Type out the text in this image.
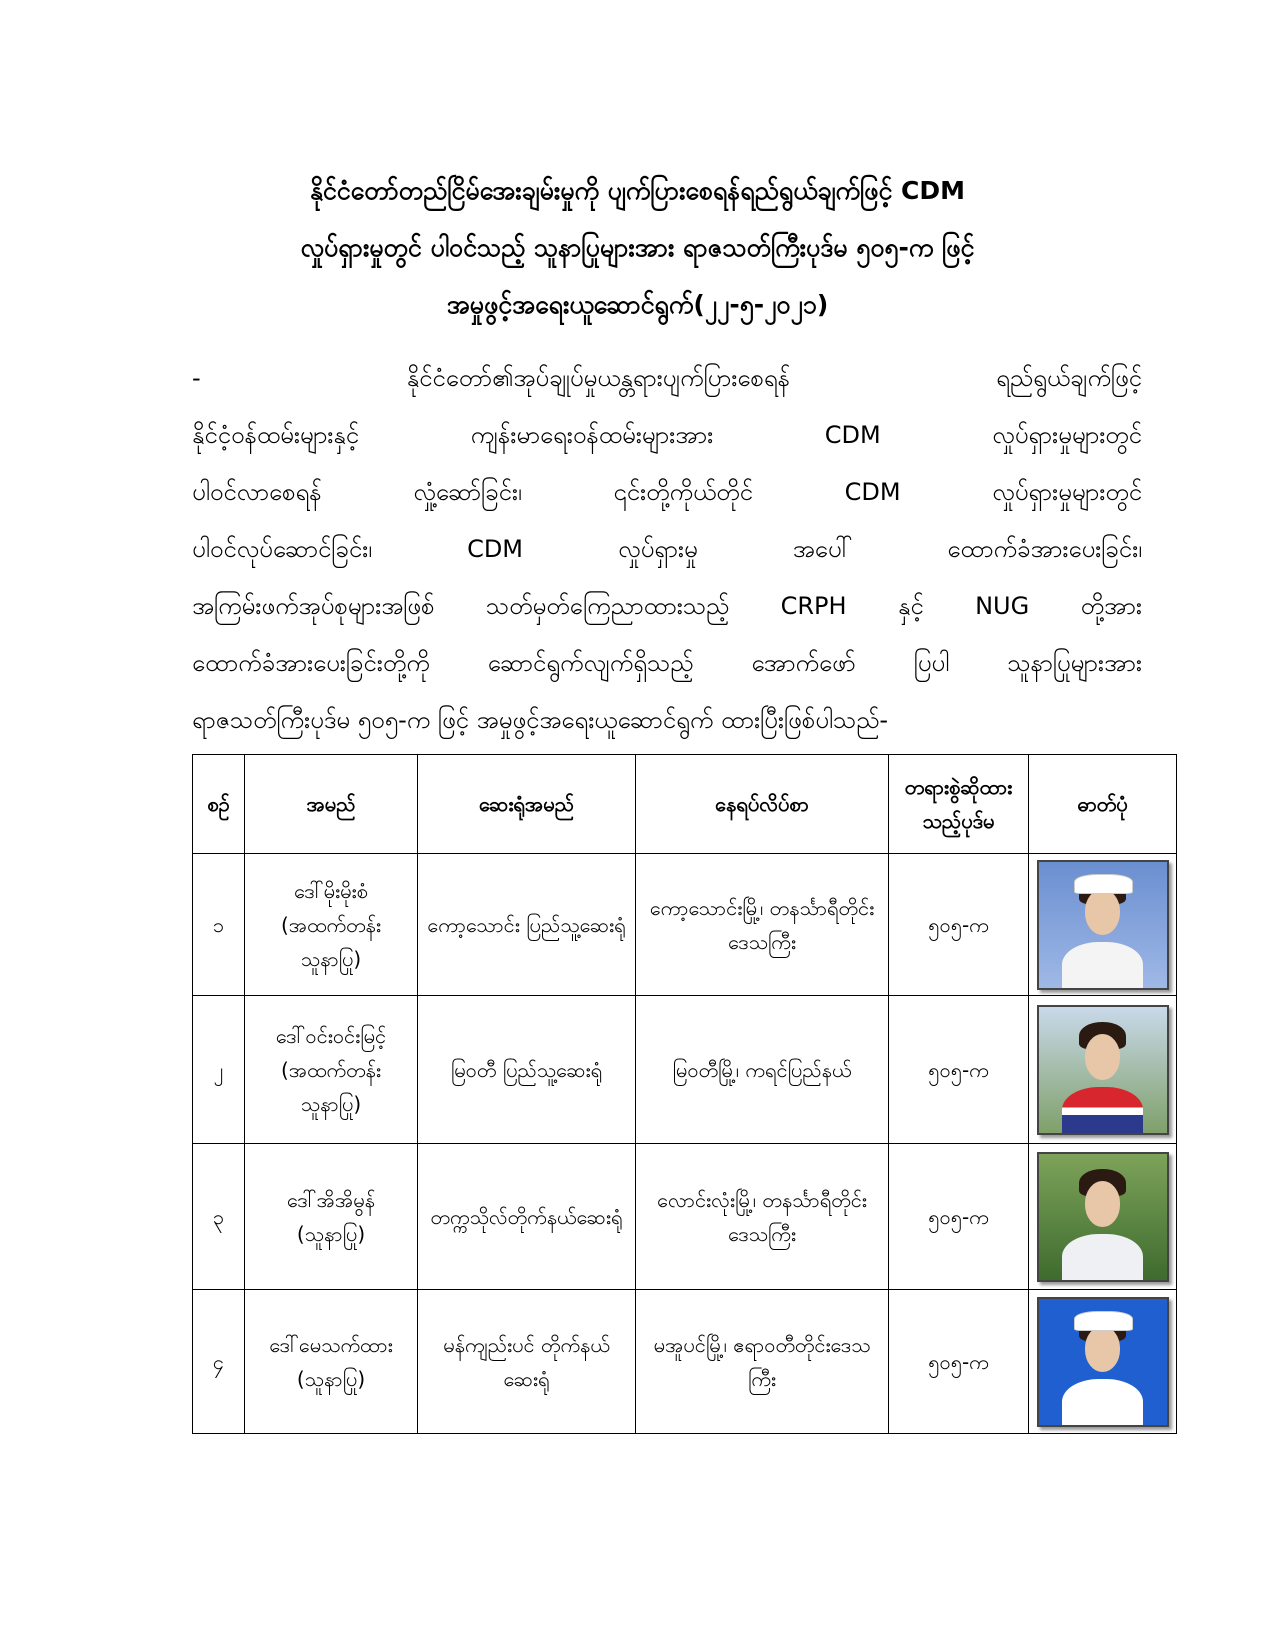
နိုင်ငံတော်တည်ငြိမ်အေးချမ်းမှုကို ပျက်ပြားစေရန်ရည်ရွယ်ချက်ဖြင့် CDM
လှုပ်ရှားမှုတွင် ပါဝင်သည့် သူနာပြုများအား ရာဇသတ်ကြီးပုဒ်မ ၅၀၅-က ဖြင့်
အမှုဖွင့်အရေးယူဆောင်ရွက်(၂၂-၅-၂၀၂၁)
- နိုင်ငံတော်၏အုပ်ချုပ်မှုယန္တရားပျက်ပြားစေရန် ရည်ရွယ်ချက်ဖြင့်
နိုင်ငံ့ဝန်ထမ်းများနှင့် ကျန်းမာရေးဝန်ထမ်းများအား CDM လှုပ်ရှားမှုများတွင်
ပါဝင်လာစေရန် လှုံ့ဆော်ခြင်း၊ ၎င်းတို့ကိုယ်တိုင် CDM လှုပ်ရှားမှုများတွင်
ပါဝင်လုပ်ဆောင်ခြင်း၊ CDM လှုပ်ရှားမှု အပေါ် ထောက်ခံအားပေးခြင်း၊
အကြမ်းဖက်အုပ်စုများအဖြစ် သတ်မှတ်ကြေညာထားသည့် CRPH နှင့် NUG တို့အား
ထောက်ခံအားပေးခြင်းတို့ကို ဆောင်ရွက်လျက်ရှိသည့် အောက်ဖော် ပြပါ သူနာပြုများအား
ရာဇသတ်ကြီးပုဒ်မ ၅၀၅-က ဖြင့် အမှုဖွင့်အရေးယူဆောင်ရွက် ထားပြီးဖြစ်ပါသည်-
စဉ်	အမည်	ဆေးရုံအမည်	နေရပ်လိပ်စာ	တရားစွဲဆိုထား သည့်ပုဒ်မ	ဓာတ်ပုံ
၁	ဒေါ်မိုးမိုးစံ (အထက်တန်း သူနာပြု)	ကော့သောင်း ပြည်သူ့ဆေးရုံ	ကော့သောင်းမြို့၊ တနင်္သာရီတိုင်းဒေသကြီး	၅၀၅-က	

၂	ဒေါ်ဝင်းဝင်းမြင့် (အထက်တန်း သူနာပြု)	မြဝတီ ပြည်သူ့ဆေးရုံ	မြဝတီမြို့၊ ကရင်ပြည်နယ်	၅၀၅-က	

၃	ဒေါ်အိအိမွန် (သူနာပြု)	တက္ကသိုလ်တိုက်နယ်ဆေးရုံ	လောင်းလုံးမြို့၊ တနင်္သာရီတိုင်းဒေသကြီး	၅၀၅-က	

၄	ဒေါ်မေသက်ထား (သူနာပြု)	မန်ကျည်းပင် တိုက်နယ်ဆေးရုံ	မအူပင်မြို့၊ ဧရာဝတီတိုင်းဒေသကြီး	၅၀၅-က	
